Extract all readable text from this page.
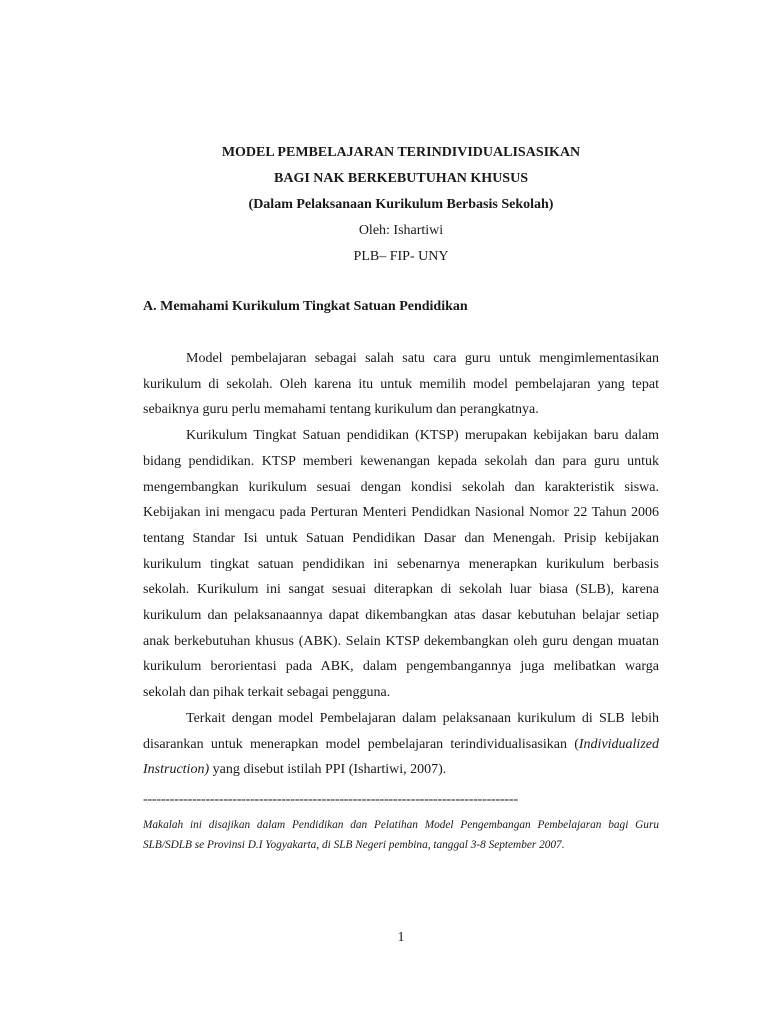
MODEL PEMBELAJARAN TERINDIVIDUALISASIKAN
BAGI NAK BERKEBUTUHAN KHUSUS
(Dalam Pelaksanaan Kurikulum Berbasis Sekolah)
Oleh: Ishartiwi
PLB– FIP- UNY
A. Memahami Kurikulum Tingkat Satuan Pendidikan

Model pembelajaran sebagai salah satu cara guru untuk mengimlementasikan kurikulum di sekolah. Oleh karena itu untuk memilih model pembelajaran yang tepat sebaiknya guru perlu memahami tentang kurikulum dan perangkatnya.

Kurikulum Tingkat Satuan pendidikan (KTSP) merupakan kebijakan baru dalam bidang pendidikan. KTSP memberi kewenangan kepada sekolah dan para guru untuk mengembangkan kurikulum sesuai dengan kondisi sekolah dan karakteristik siswa. Kebijakan ini mengacu pada Perturan Menteri Pendidkan Nasional Nomor 22 Tahun 2006 tentang Standar Isi untuk Satuan Pendidikan Dasar dan Menengah. Prisip kebijakan kurikulum tingkat satuan pendidikan ini sebenarnya menerapkan kurikulum berbasis sekolah. Kurikulum ini sangat sesuai diterapkan di sekolah luar biasa (SLB), karena kurikulum dan pelaksanaannya dapat dikembangkan atas dasar kebutuhan belajar setiap anak berkebutuhan khusus (ABK). Selain KTSP dekembangkan oleh guru dengan muatan kurikulum berorientasi pada ABK, dalam pengembangannya juga melibatkan warga sekolah dan pihak terkait sebagai pengguna.

Terkait dengan model Pembelajaran dalam pelaksanaan kurikulum di SLB lebih disarankan untuk menerapkan model pembelajaran terindividualisasikan (Individualized Instruction) yang disebut istilah PPI (Ishartiwi, 2007).

------------------------------------------------------------------------------------
Makalah ini disajikan dalam Pendidikan dan Pelatihan Model Pengembangan Pembelajaran bagi Guru SLB/SDLB se Provinsi D.I Yogyakarta, di SLB Negeri pembina, tanggal 3-8 September 2007.
1
